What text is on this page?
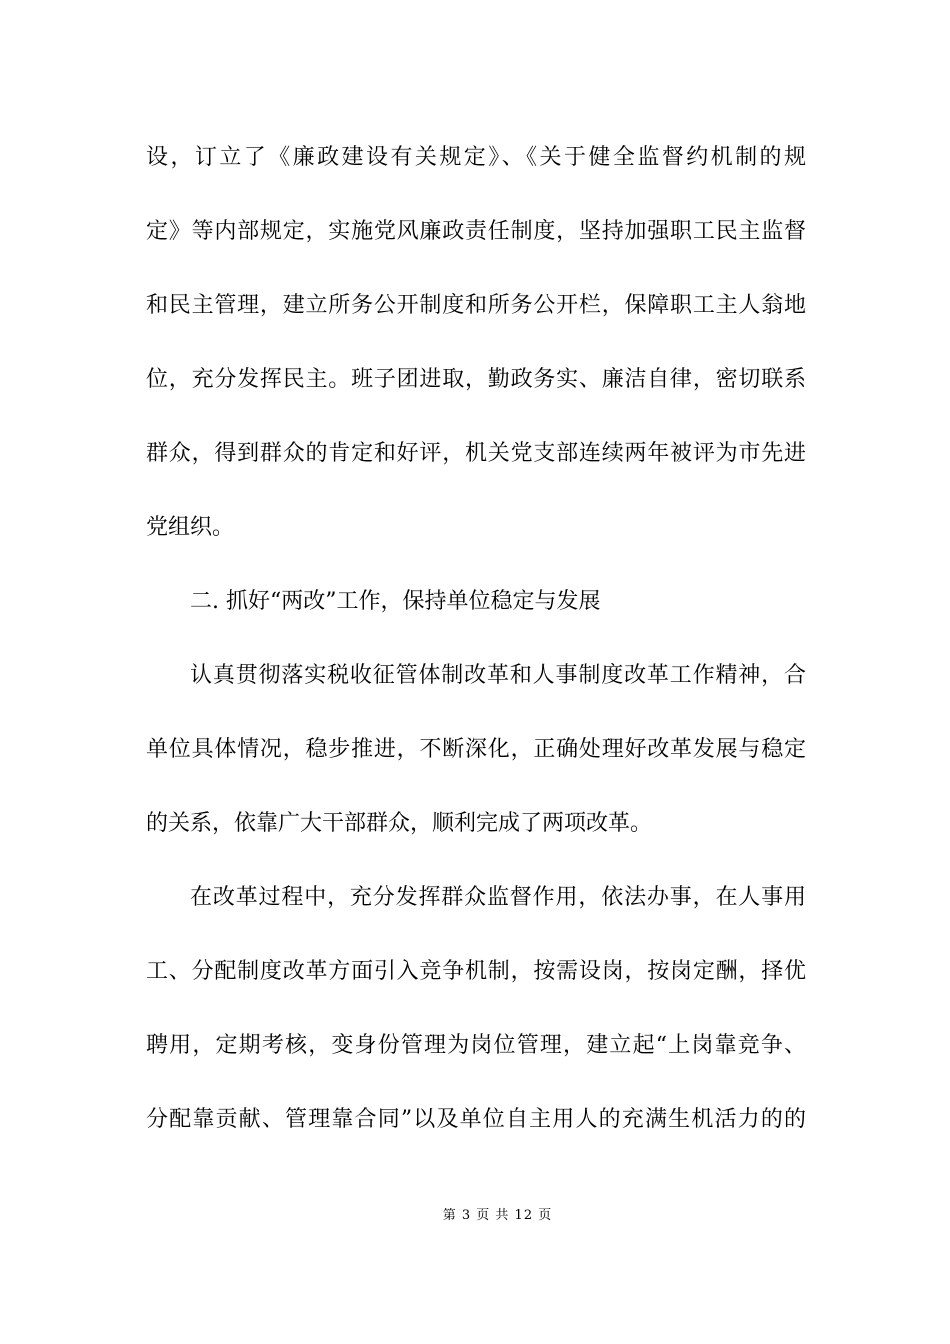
设，订立了《廉政建设有关规定》、《关于健全监督约机制的规
定》等内部规定，实施党风廉政责任制度，坚持加强职工民主监督
和民主管理，建立所务公开制度和所务公开栏，保障职工主人翁地
位，充分发挥民主。班子团进取，勤政务实、廉洁自律，密切联系
群众，得到群众的肯定和好评，机关党支部连续两年被评为市先进
党组织。
二. 抓好“两改”工作，保持单位稳定与发展
认真贯彻落实税收征管体制改革和人事制度改革工作精神，合
单位具体情况，稳步推进，不断深化，正确处理好改革发展与稳定
的关系，依靠广大干部群众，顺利完成了两项改革。
在改革过程中，充分发挥群众监督作用，依法办事，在人事用
工、分配制度改革方面引入竞争机制，按需设岗，按岗定酬，择优
聘用，定期考核，变身份管理为岗位管理，建立起“上岗靠竞争、
分配靠贡献、管理靠合同”以及单位自主用人的充满生机活力的的
第 3 页 共 12 页
